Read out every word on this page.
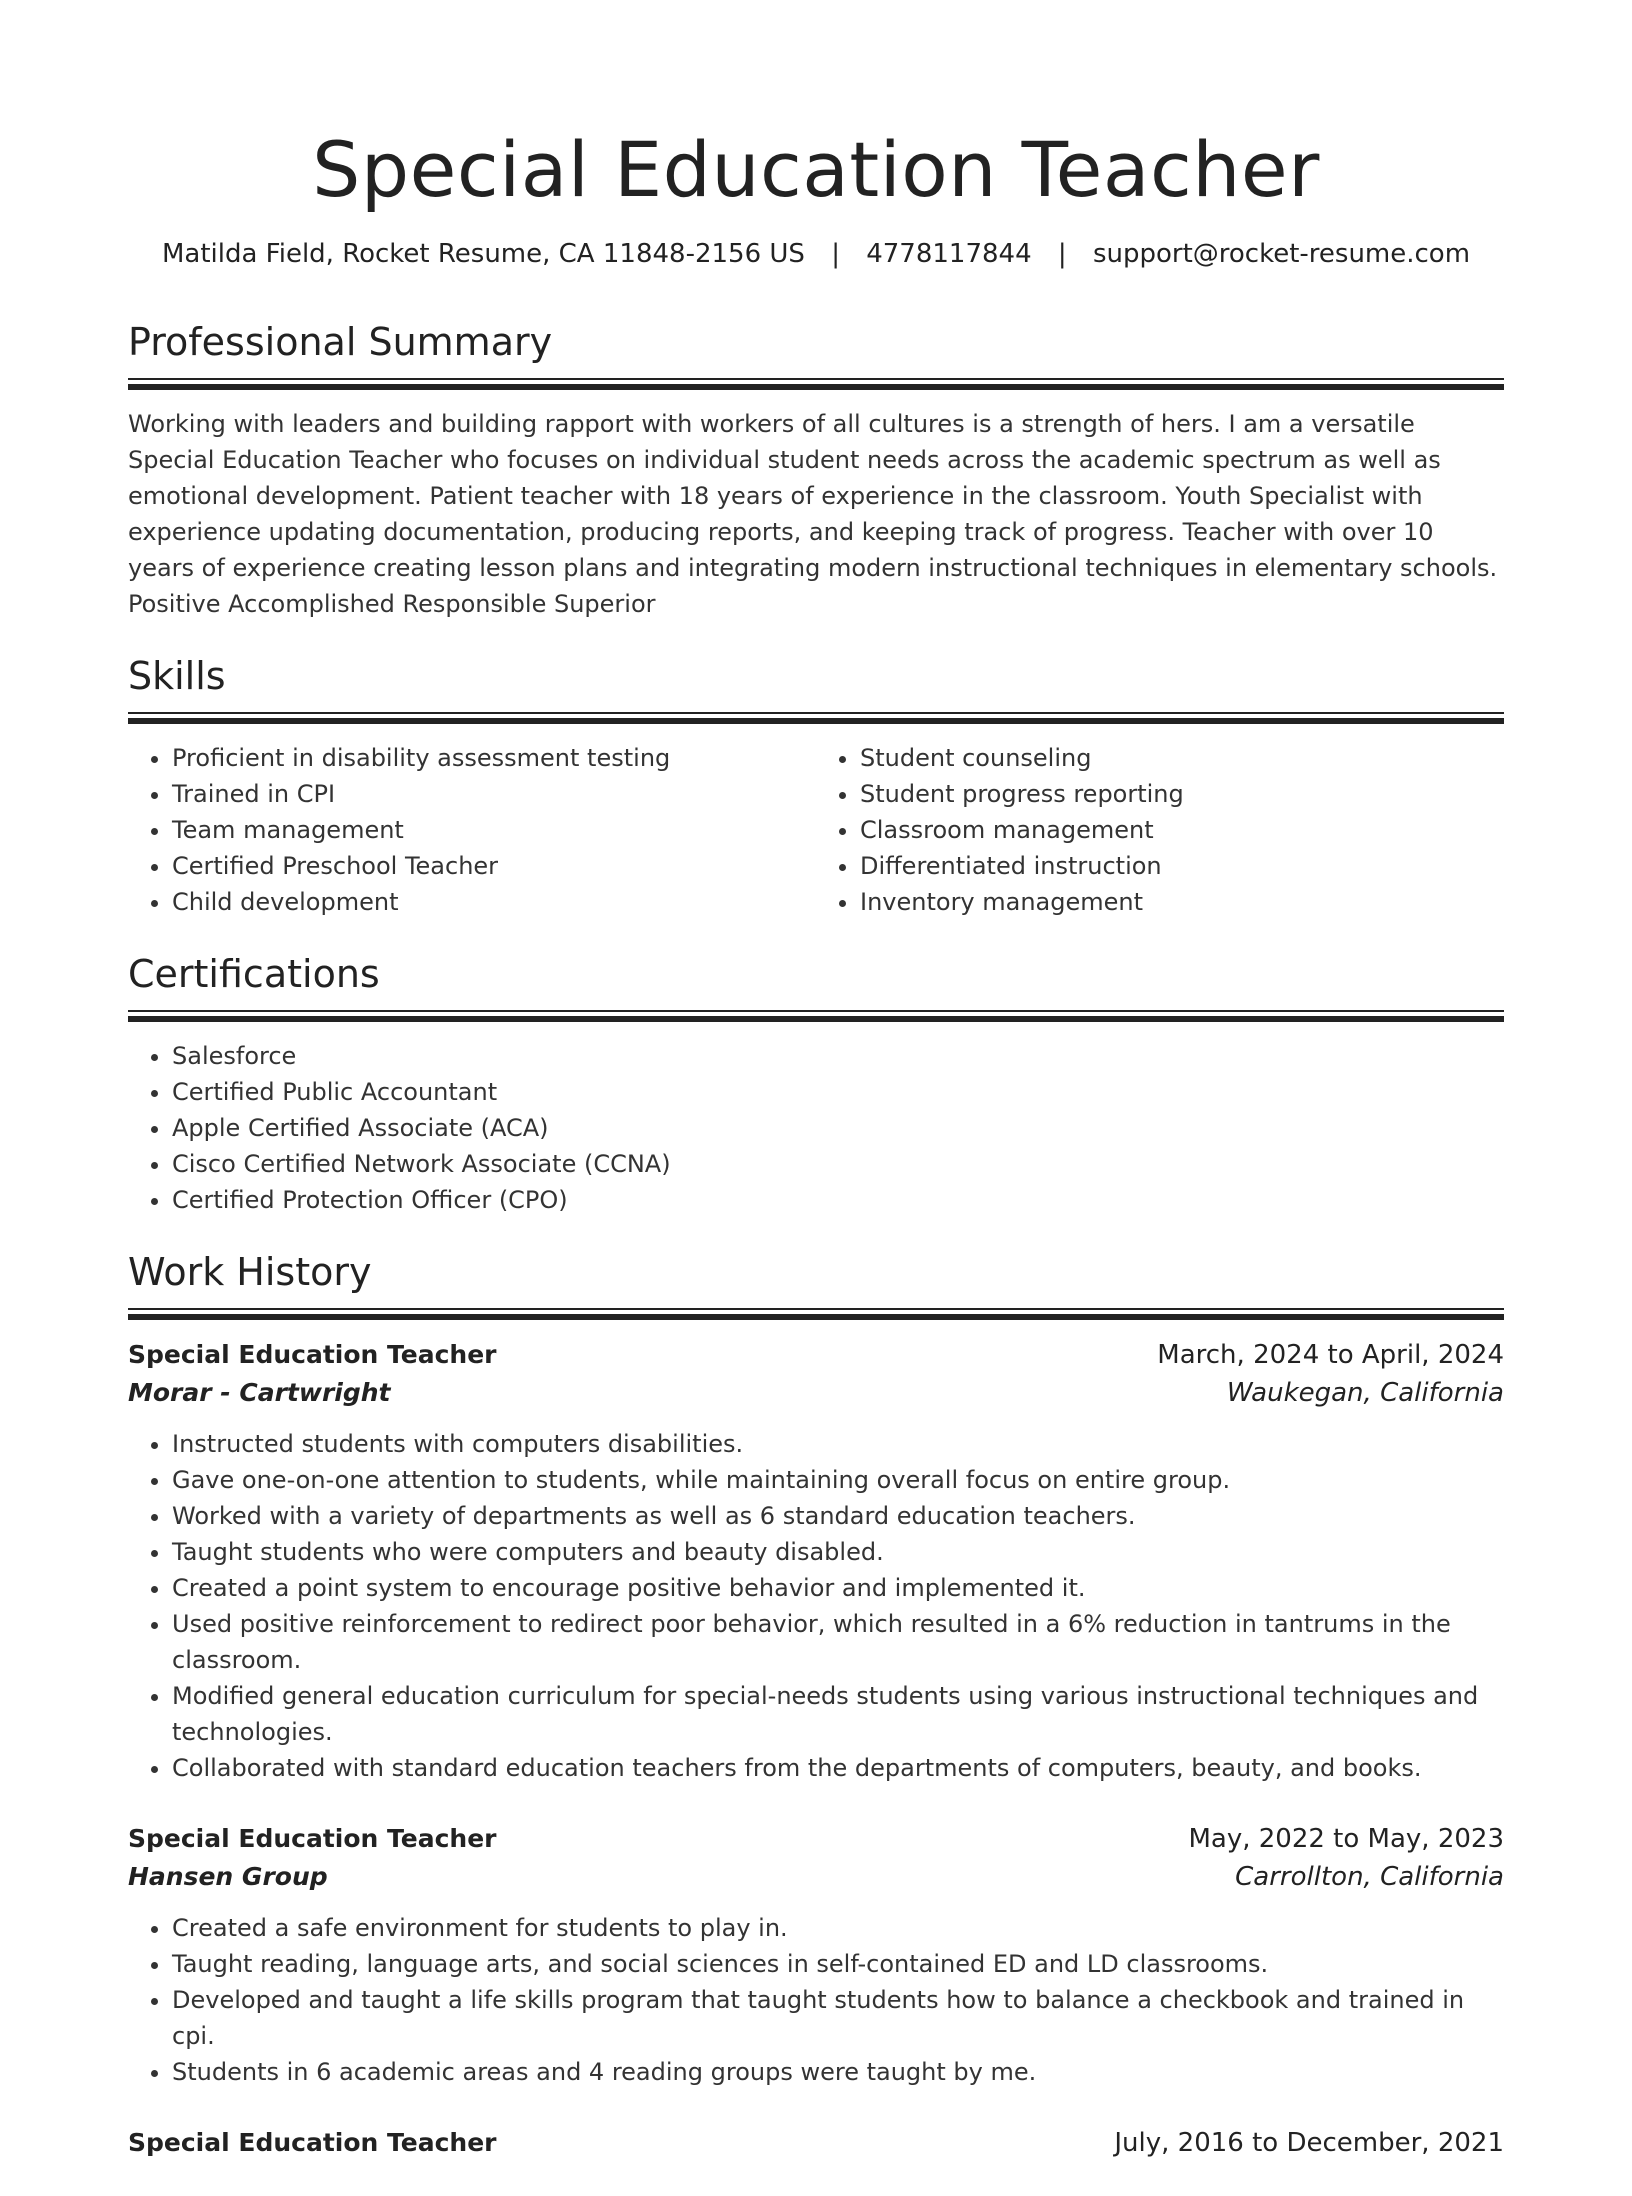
Special Education Teacher
Matilda Field, Rocket Resume, CA 11848-2156 US | 4778117844 | support@rocket-resume.com
Professional Summary

Working with leaders and building rapport with workers of all cultures is a strength of hers. I am a versatile Special Education Teacher who focuses on individual student needs across the academic spectrum as well as emotional development. Patient teacher with 18 years of experience in the classroom. Youth Specialist with experience updating documentation, producing reports, and keeping track of progress. Teacher with over 10 years of experience creating lesson plans and integrating modern instructional techniques in elementary schools. Positive Accomplished Responsible Superior

Skills
• Proficient in disability assessment testing
• Trained in CPI
• Team management
• Certified Preschool Teacher
• Child development
• Student counseling
• Student progress reporting
• Classroom management
• Differentiated instruction
• Inventory management
Certifications
• Salesforce
• Certified Public Accountant
• Apple Certified Associate (ACA)
• Cisco Certified Network Associate (CCNA)
• Certified Protection Officer (CPO)
Work History
Special Education Teacher	March, 2024 to April, 2024
Morar - Cartwright	Waukegan, California
• Instructed students with computers disabilities.
• Gave one-on-one attention to students, while maintaining overall focus on entire group.
• Worked with a variety of departments as well as 6 standard education teachers.
• Taught students who were computers and beauty disabled.
• Created a point system to encourage positive behavior and implemented it.
• Used positive reinforcement to redirect poor behavior, which resulted in a 6% reduction in tantrums in the classroom.
• Modified general education curriculum for special-needs students using various instructional techniques and technologies.
• Collaborated with standard education teachers from the departments of computers, beauty, and books.
Special Education Teacher	May, 2022 to May, 2023
Hansen Group	Carrollton, California
• Created a safe environment for students to play in.
• Taught reading, language arts, and social sciences in self-contained ED and LD classrooms.
• Developed and taught a life skills program that taught students how to balance a checkbook and trained in cpi.
• Students in 6 academic areas and 4 reading groups were taught by me.
Special Education Teacher	July, 2016 to December, 2021
